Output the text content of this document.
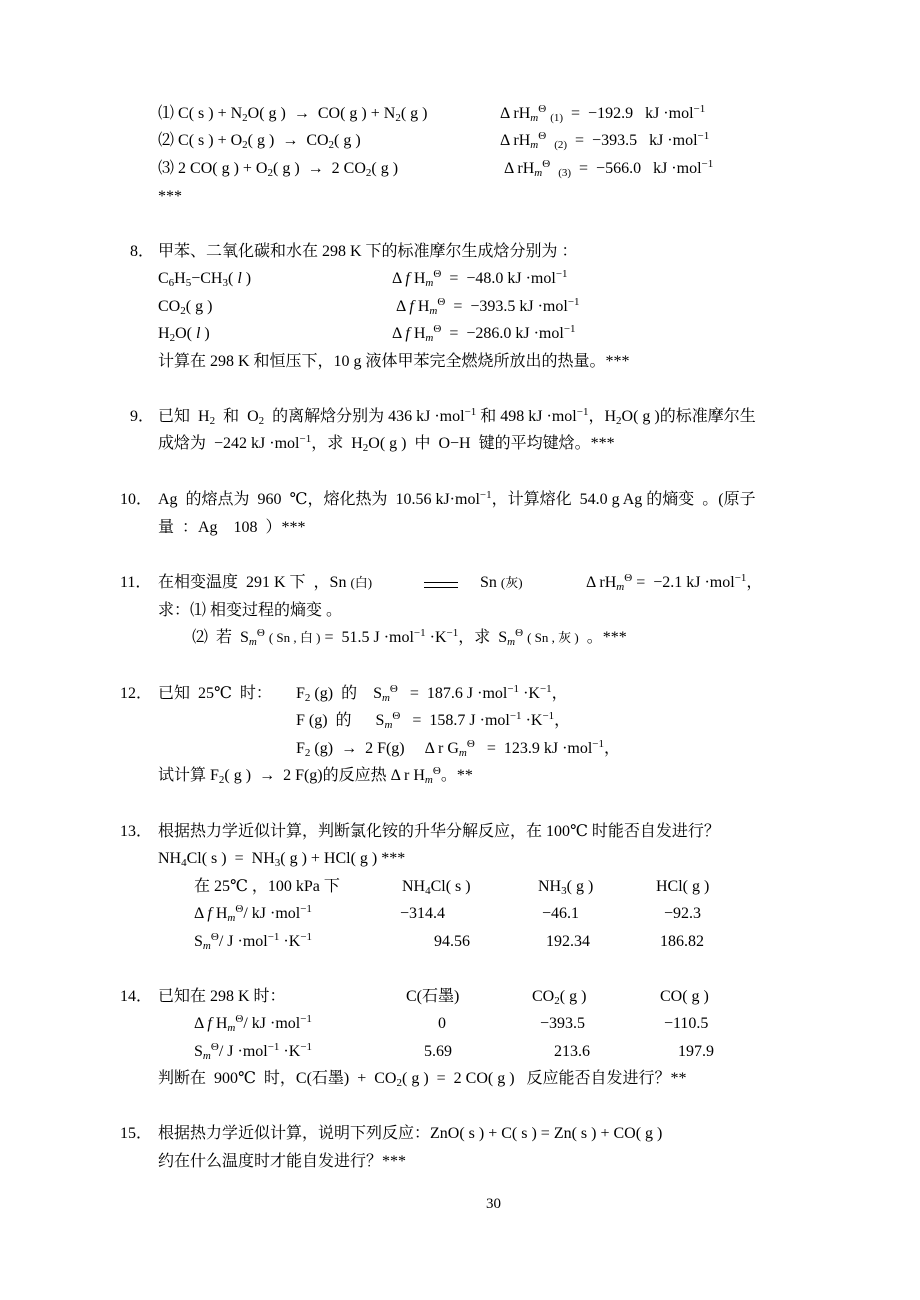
⑴ C( s ) + $N_2O$( g )  →  CO( g ) + $N_2$( g )	Δ $rH_m^\Theta$ $_{(1)}$  =  −192.9   kJ ·mol$^{-1}$
⑵ C( s ) + $O_2$( g )  →  $CO_2$( g )	Δ $rH_m^\Theta$  $_{(2)}$  =  −393.5   kJ ·mol$^{-1}$
⑶ 2 CO( g ) + $O_2$( g )  →  2 $CO_2$( g )	Δ $rH_m^\Theta$  $_{(3)}$  =  −566.0   kJ ·mol$^{-1}$
***
8． 甲苯、二氧化碳和水在 298 K 下的标准摩尔生成焓分别为 ：
$C_6H_5-CH_3$( l )	Δ f $H_m^\Theta = -48.0$ kJ ·mol$^{-1}$
$CO_2$( g )	Δ f $H_m^\Theta = -393.5$ kJ ·mol$^{-1}$
$H_2O$( l )	Δ f $H_m^\Theta = -286.0$ kJ ·mol$^{-1}$
计算在 298 K 和恒压下，10 g 液体甲苯完全燃烧所放出的热量。***
9． 已知  $H_2$  和  $O_2$  的离解焓分别为 436 kJ ·mol$^{-1}$ 和 498 kJ ·mol$^{-1}$，$H_2O$( g )的标准摩尔生
成焓为  −242 kJ ·mol$^{-1}$，求  $H_2O$( g )  中  O−H  键的平均键焓。***
10． Ag  的熔点为  960  ℃，熔化热为  10.56 kJ·mol$^{-1}$，计算熔化  54.0 g Ag 的熵变  。(原子
量  ：Ag    108  ）***
11． 在相变温度  291 K 下  ，Sn (白)	Sn (灰)	Δ $rH_m^\Theta = -2.1$ kJ ·mol$^{-1}$，
求：⑴ 相变过程的熵变 。
⑵  若  $S_m^\Theta$ ( Sn , 白 ) =  51.5 $J \cdot mol^{-1} \cdot K^{-1}$，求  $S_m^\Theta$ ( Sn , 灰 )  。***
12． 已知  25℃  时： $F_2$ (g)  的    $S_m^\Theta = 187.6$ $J \cdot mol^{-1} \cdot K^{-1}$，
F (g)  的      $S_m^\Theta = 158.7$ $J \cdot mol^{-1} \cdot K^{-1}$，
$F_2$ (g)  →  2 F(g)     Δ r $G_m^\Theta = 123.9$ kJ ·mol$^{-1}$，
试计算 $F_2$( g )  →  2 F(g)的反应热 Δ r $H_m^\Theta$。**
13． 根据热力学近似计算，判断氯化铵的升华分解反应，在 100℃ 时能否自发进行？
$NH_4Cl$( s )  =  $NH_3$( g ) + HCl( g ) ***
在 25℃ ，100 kPa 下	$NH_4Cl$( s )	$NH_3$( g )	HCl( g )
Δ f $H_m^\Theta/$ kJ ·mol$^{-1}$	−314.4	−46.1	−92.3
$S_m^\Theta/$ $J \cdot mol^{-1} \cdot K^{-1}$	94.56	192.34	186.82
14． 已知在 298 K 时：	C(石墨)	$CO_2$( g )	CO( g )
Δ f $H_m^\Theta/$ kJ ·mol$^{-1}$	0	−393.5	−110.5
$S_m^\Theta/$ $J \cdot mol^{-1} \cdot K^{-1}$	5.69	213.6	197.9
判断在  900℃  时，C(石墨)  +  $CO_2$( g )  =  2 CO( g )   反应能否自发进行？**
15． 根据热力学近似计算，说明下列反应：ZnO( s ) + C( s ) = Zn( s ) + CO( g )
约在什么温度时才能自发进行？***
30
